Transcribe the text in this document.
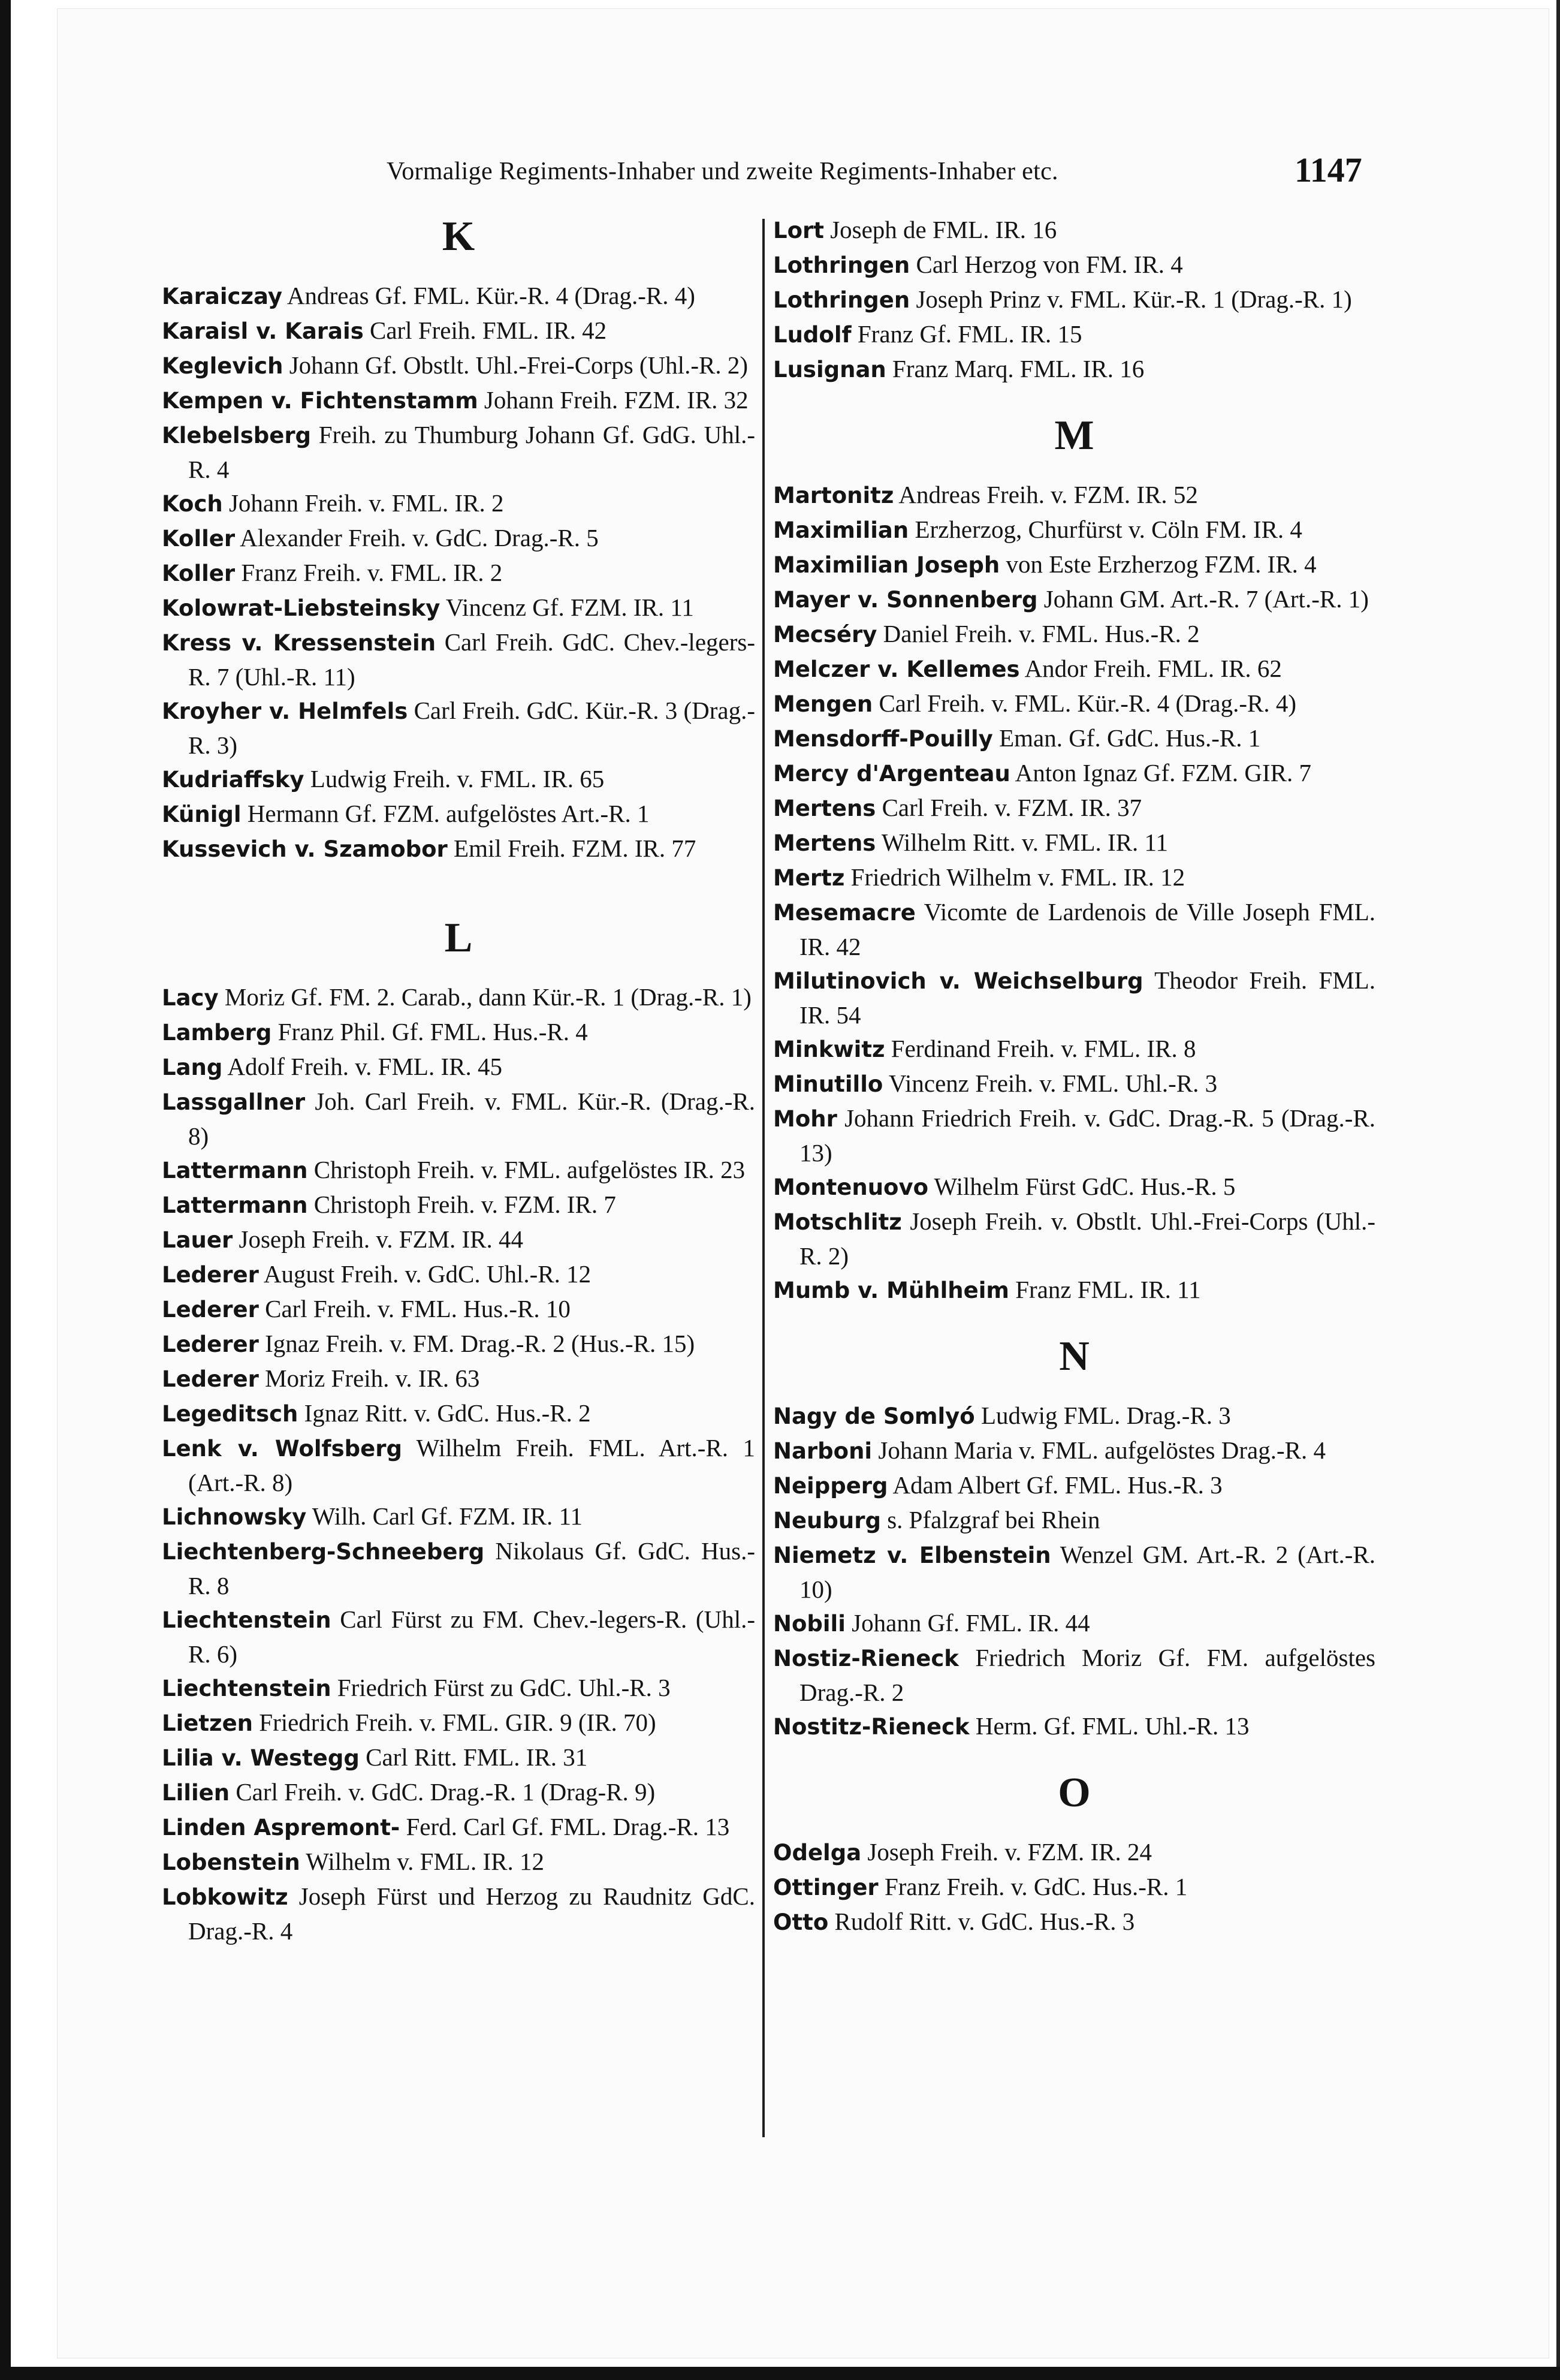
Vormalige Regiments-Inhaber und zweite Regiments-Inhaber etc.	1147
K

Karaiczay Andreas Gf. FML. Kür.-R. 4 (Drag.-R. 4)

Karaisl v. Karais Carl Freih. FML. IR. 42

Keglevich Johann Gf. Obstlt. Uhl.-Frei-Corps (Uhl.-R. 2)

Kempen v. Fichtenstamm Johann Freih. FZM. IR. 32

Klebelsberg Freih. zu Thumburg Johann Gf. GdG. Uhl.-R. 4

Koch Johann Freih. v. FML. IR. 2

Koller Alexander Freih. v. GdC. Drag.-R. 5

Koller Franz Freih. v. FML. IR. 2

Kolowrat-Liebsteinsky Vincenz Gf. FZM. IR. 11

Kress v. Kressenstein Carl Freih. GdC. Chev.-legers-R. 7 (Uhl.-R. 11)

Kroyher v. Helmfels Carl Freih. GdC. Kür.-R. 3 (Drag.-R. 3)

Kudriaffsky Ludwig Freih. v. FML. IR. 65

Künigl Hermann Gf. FZM. aufgelöstes Art.-R. 1

Kussevich v. Szamobor Emil Freih. FZM. IR. 77

L

Lacy Moriz Gf. FM. 2. Carab., dann Kür.-R. 1 (Drag.-R. 1)

Lamberg Franz Phil. Gf. FML. Hus.-R. 4

Lang Adolf Freih. v. FML. IR. 45

Lassgallner Joh. Carl Freih. v. FML. Kür.-R. (Drag.-R. 8)

Lattermann Christoph Freih. v. FML. aufgelöstes IR. 23

Lattermann Christoph Freih. v. FZM. IR. 7

Lauer Joseph Freih. v. FZM. IR. 44

Lederer August Freih. v. GdC. Uhl.-R. 12

Lederer Carl Freih. v. FML. Hus.-R. 10

Lederer Ignaz Freih. v. FM. Drag.-R. 2 (Hus.-R. 15)

Lederer Moriz Freih. v. IR. 63

Legeditsch Ignaz Ritt. v. GdC. Hus.-R. 2

Lenk v. Wolfsberg Wilhelm Freih. FML. Art.-R. 1 (Art.-R. 8)

Lichnowsky Wilh. Carl Gf. FZM. IR. 11

Liechtenberg-Schneeberg Nikolaus Gf. GdC. Hus.-R. 8

Liechtenstein Carl Fürst zu FM. Chev.-legers-R. (Uhl.-R. 6)

Liechtenstein Friedrich Fürst zu GdC. Uhl.-R. 3

Lietzen Friedrich Freih. v. FML. GIR. 9 (IR. 70)

Lilia v. Westegg Carl Ritt. FML. IR. 31

Lilien Carl Freih. v. GdC. Drag.-R. 1 (Drag-R. 9)

Linden Aspremont- Ferd. Carl Gf. FML. Drag.-R. 13

Lobenstein Wilhelm v. FML. IR. 12

Lobkowitz Joseph Fürst und Herzog zu Raudnitz GdC. Drag.-R. 4

Lort Joseph de FML. IR. 16

Lothringen Carl Herzog von FM. IR. 4

Lothringen Joseph Prinz v. FML. Kür.-R. 1 (Drag.-R. 1)

Ludolf Franz Gf. FML. IR. 15

Lusignan Franz Marq. FML. IR. 16

M

Martonitz Andreas Freih. v. FZM. IR. 52

Maximilian Erzherzog, Churfürst v. Cöln FM. IR. 4

Maximilian Joseph von Este Erzherzog FZM. IR. 4

Mayer v. Sonnenberg Johann GM. Art.-R. 7 (Art.-R. 1)

Mecséry Daniel Freih. v. FML. Hus.-R. 2

Melczer v. Kellemes Andor Freih. FML. IR. 62

Mengen Carl Freih. v. FML. Kür.-R. 4 (Drag.-R. 4)

Mensdorff-Pouilly Eman. Gf. GdC. Hus.-R. 1

Mercy d'Argenteau Anton Ignaz Gf. FZM. GIR. 7

Mertens Carl Freih. v. FZM. IR. 37

Mertens Wilhelm Ritt. v. FML. IR. 11

Mertz Friedrich Wilhelm v. FML. IR. 12

Mesemacre Vicomte de Lardenois de Ville Joseph FML. IR. 42

Milutinovich v. Weichselburg Theodor Freih. FML. IR. 54

Minkwitz Ferdinand Freih. v. FML. IR. 8

Minutillo Vincenz Freih. v. FML. Uhl.-R. 3

Mohr Johann Friedrich Freih. v. GdC. Drag.-R. 5 (Drag.-R. 13)

Montenuovo Wilhelm Fürst GdC. Hus.-R. 5

Motschlitz Joseph Freih. v. Obstlt. Uhl.-Frei-Corps (Uhl.-R. 2)

Mumb v. Mühlheim Franz FML. IR. 11

N

Nagy de Somlyó Ludwig FML. Drag.-R. 3

Narboni Johann Maria v. FML. aufgelöstes Drag.-R. 4

Neipperg Adam Albert Gf. FML. Hus.-R. 3

Neuburg s. Pfalzgraf bei Rhein

Niemetz v. Elbenstein Wenzel GM. Art.-R. 2 (Art.-R. 10)

Nobili Johann Gf. FML. IR. 44

Nostiz-Rieneck Friedrich Moriz Gf. FM. aufgelöstes Drag.-R. 2

Nostitz-Rieneck Herm. Gf. FML. Uhl.-R. 13

O

Odelga Joseph Freih. v. FZM. IR. 24

Ottinger Franz Freih. v. GdC. Hus.-R. 1

Otto Rudolf Ritt. v. GdC. Hus.-R. 3
